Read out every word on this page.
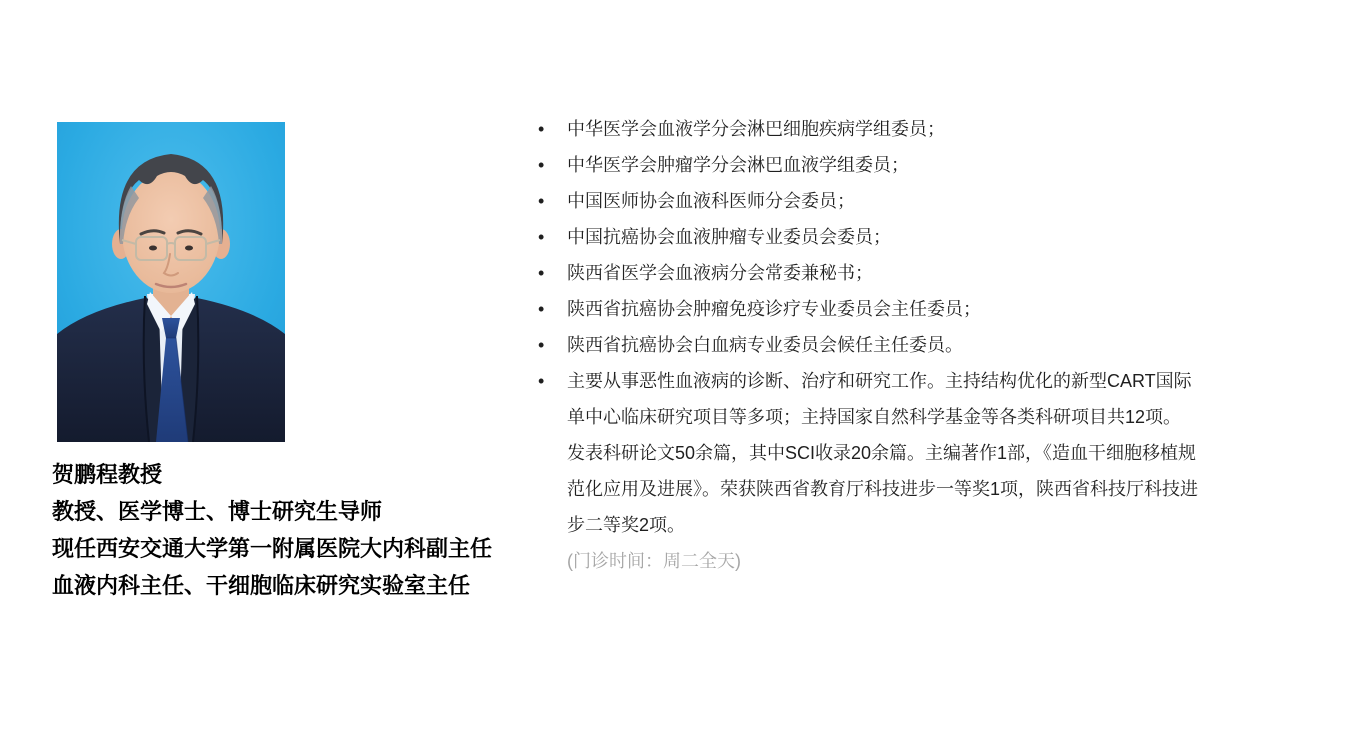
贺鹏程教授
教授、医学博士、博士研究生导师
现任西安交通大学第一附属医院大内科副主任
血液内科主任、干细胞临床研究实验室主任
• 中华医学会血液学分会淋巴细胞疾病学组委员；
• 中华医学会肿瘤学分会淋巴血液学组委员；
• 中国医师协会血液科医师分会委员；
• 中国抗癌协会血液肿瘤专业委员会委员；
• 陕西省医学会血液病分会常委兼秘书；
• 陕西省抗癌协会肿瘤免疫诊疗专业委员会主任委员；
• 陕西省抗癌协会白血病专业委员会候任主任委员。
• 主要从事恶性血液病的诊断、治疗和研究工作。主持结构优化的新型CART国际单中心临床研究项目等多项；主持国家自然科学基金等各类科研项目共12项。发表科研论文50余篇，其中SCI收录20余篇。主编著作1部，《造血干细胞移植规范化应用及进展》。荣获陕西省教育厅科技进步一等奖1项，陕西省科技厅科技进步二等奖2项。

(门诊时间：周二全天)
